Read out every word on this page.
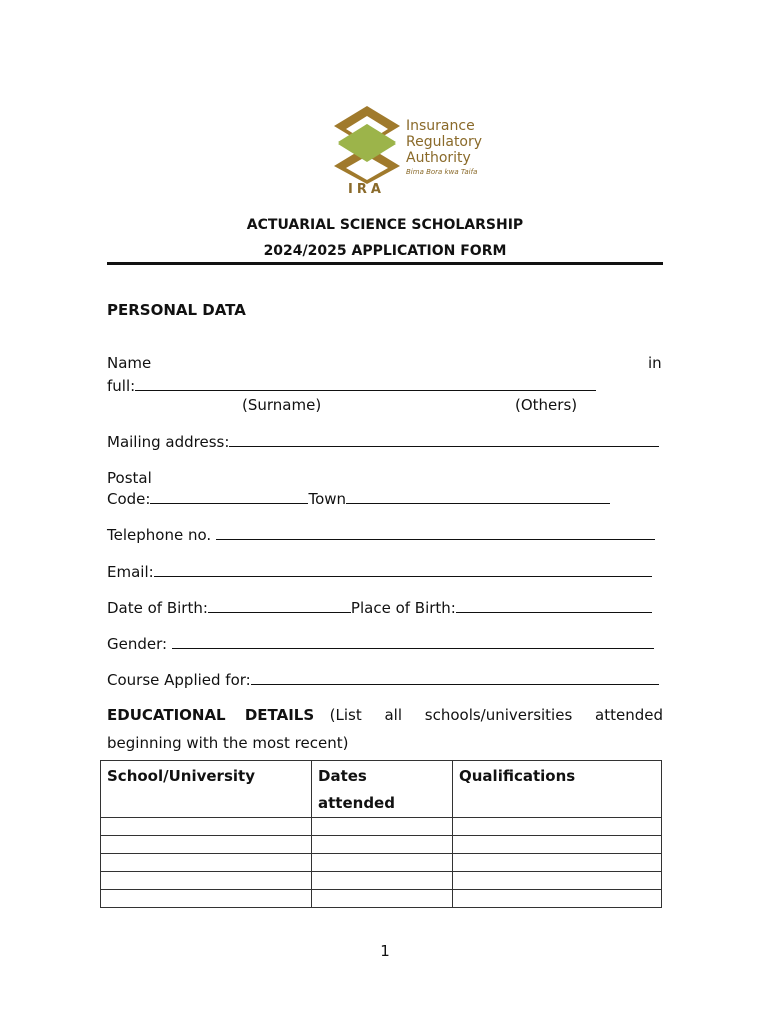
Insurance
Regulatory
Authority
Bima Bora kwa Taifa
IRA
ACTUARIAL SCIENCE SCHOLARSHIP
2024/2025 APPLICATION FORM
PERSONAL DATA
Name	in
full:
(Surname)	(Others)
Mailing address:
Postal
Code:	Town
Telephone no.
Email:
Date of Birth:	Place of Birth:
Gender:
Course Applied for:
EDUCATIONAL DETAILS (List all schools/universities attended
beginning with the most recent)
School/University	Dates attended	Qualifications

1
